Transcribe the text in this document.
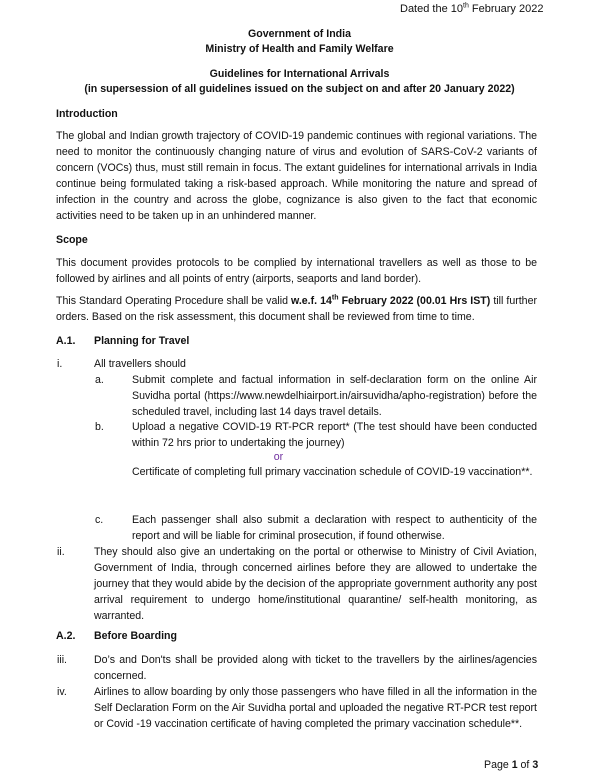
Dated the 10th February 2022
Government of India
Ministry of Health and Family Welfare
Guidelines for International Arrivals
(in supersession of all guidelines issued on the subject on and after 20 January 2022)
Introduction
The global and Indian growth trajectory of COVID-19 pandemic continues with regional variations. The need to monitor the continuously changing nature of virus and evolution of SARS-CoV-2 variants of concern (VOCs) thus, must still remain in focus. The extant guidelines for international arrivals in India continue being formulated taking a risk-based approach. While monitoring the nature and spread of infection in the country and across the globe, cognizance is also given to the fact that economic activities need to be taken up in an unhindered manner.
Scope
This document provides protocols to be complied by international travellers as well as those to be followed by airlines and all points of entry (airports, seaports and land border).
This Standard Operating Procedure shall be valid w.e.f. 14th February 2022 (00.01 Hrs IST) till further orders. Based on the risk assessment, this document shall be reviewed from time to time.
A.1. Planning for Travel
i.	All travellers should
a.	Submit complete and factual information in self-declaration form on the online Air Suvidha portal (https://www.newdelhiairport.in/airsuvidha/apho-registration) before the scheduled travel, including last 14 days travel details.
b.	Upload a negative COVID-19 RT-PCR report* (The test should have been conducted within 72 hrs prior to undertaking the journey)
or
Certificate of completing full primary vaccination schedule of COVID-19 vaccination**.
c.	Each passenger shall also submit a declaration with respect to authenticity of the report and will be liable for criminal prosecution, if found otherwise.
ii.	They should also give an undertaking on the portal or otherwise to Ministry of Civil Aviation, Government of India, through concerned airlines before they are allowed to undertake the journey that they would abide by the decision of the appropriate government authority any post arrival requirement to undergo home/institutional quarantine/ self-health monitoring, as warranted.
A.2. Before Boarding
iii.	Do’s and Don'ts shall be provided along with ticket to the travellers by the airlines/agencies concerned.
iv.	Airlines to allow boarding by only those passengers who have filled in all the information in the Self Declaration Form on the Air Suvidha portal and uploaded the negative RT-PCR test report or Covid -19 vaccination certificate of having completed the primary vaccination schedule**.
Page 1 of 3
